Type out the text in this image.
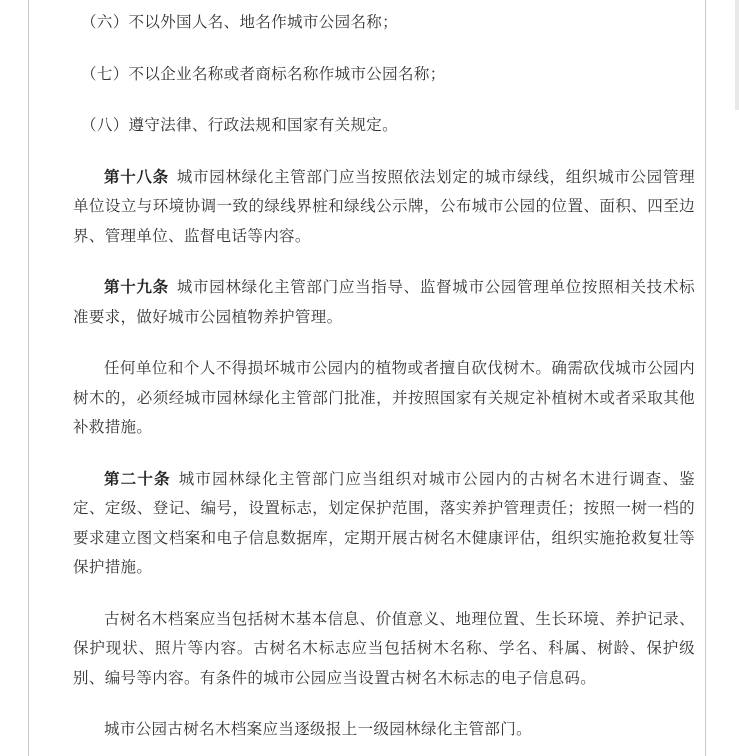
（六）不以外国人名、地名作城市公园名称；

（七）不以企业名称或者商标名称作城市公园名称；

（八）遵守法律、行政法规和国家有关规定。

第十八条 城市园林绿化主管部门应当按照依法划定的城市绿线，组织城市公园管理单位设立与环境协调一致的绿线界桩和绿线公示牌，公布城市公园的位置、面积、四至边界、管理单位、监督电话等内容。

第十九条 城市园林绿化主管部门应当指导、监督城市公园管理单位按照相关技术标准要求，做好城市公园植物养护管理。

任何单位和个人不得损坏城市公园内的植物或者擅自砍伐树木。确需砍伐城市公园内树木的，必须经城市园林绿化主管部门批准，并按照国家有关规定补植树木或者采取其他补救措施。

第二十条 城市园林绿化主管部门应当组织对城市公园内的古树名木进行调查、鉴定、定级、登记、编号，设置标志，划定保护范围，落实养护管理责任；按照一树一档的要求建立图文档案和电子信息数据库，定期开展古树名木健康评估，组织实施抢救复壮等保护措施。

古树名木档案应当包括树木基本信息、价值意义、地理位置、生长环境、养护记录、保护现状、照片等内容。古树名木标志应当包括树木名称、学名、科属、树龄、保护级别、编号等内容。有条件的城市公园应当设置古树名木标志的电子信息码。

城市公园古树名木档案应当逐级报上一级园林绿化主管部门。
